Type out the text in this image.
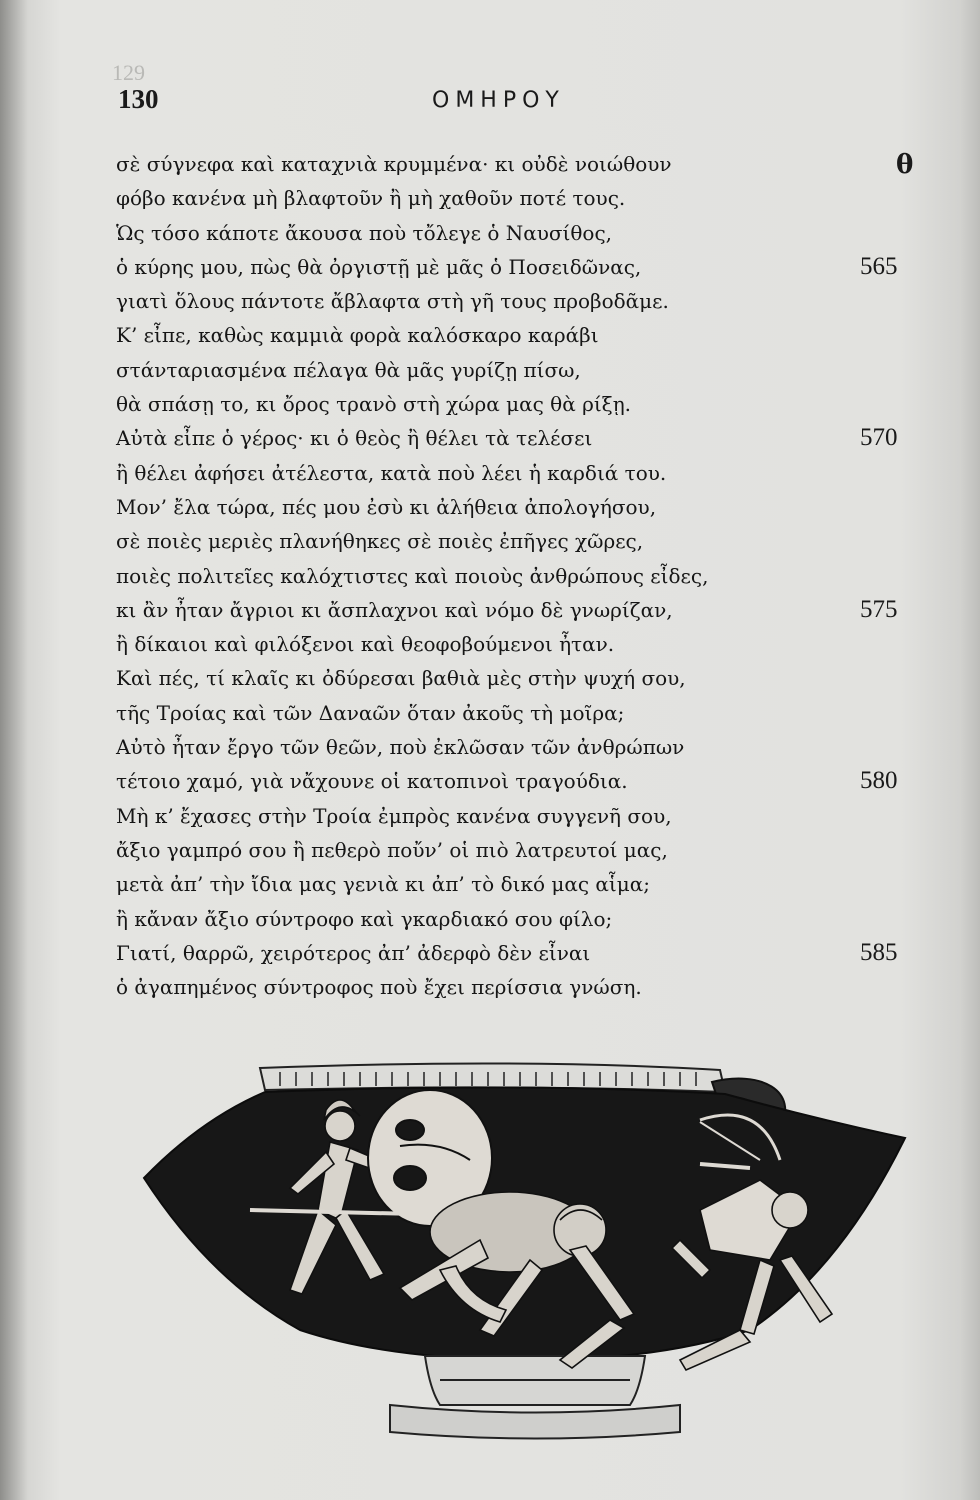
129
130	ΟΜΗΡΟΥ
θ
σὲ σύγνεφα καὶ καταχνιὰ κρυμμένα· κι οὐδὲ νοιώθουν
φόβο κανένα μὴ βλαφτοῦν ἢ μὴ χαθοῦν ποτέ τους.
Ὡς τόσο κάποτε ἄκουσα ποὺ τὄλεγε ὁ Ναυσίθος,
ὁ κύρης μου, πὼς θὰ ὀργιστῇ μὲ μᾶς ὁ Ποσειδῶνας,	565
γιατὶ ὅλους πάντοτε ἄβλαφτα στὴ γῆ τους προβοδᾶμε.
Κ’ εἶπε, καθὼς καμμιὰ φορὰ καλόσκαρο καράβι
στάνταριασμένα πέλαγα θὰ μᾶς γυρίζῃ πίσω,
θὰ σπάσῃ το, κι ὄρος τρανὸ στὴ χώρα μας θὰ ρίξῃ.
Αὐτὰ εἶπε ὁ γέρος· κι ὁ θεὸς ἢ θέλει τὰ τελέσει	570
ἢ θέλει ἀφήσει ἀτέλεστα, κατὰ ποὺ λέει ἡ καρδιά του.
Μον’ ἔλα τώρα, πές μου ἐσὺ κι ἀλήθεια ἀπολογήσου,
σὲ ποιὲς μεριὲς πλανήθηκες σὲ ποιὲς ἐπῆγες χῶρες,
ποιὲς πολιτεῖες καλόχτιστες καὶ ποιοὺς ἀνθρώπους εἶδες,
κι ἂν ἦταν ἄγριοι κι ἄσπλαχνοι καὶ νόμο δὲ γνωρίζαν,	575
ἢ δίκαιοι καὶ φιλόξενοι καὶ θεοφοβούμενοι ἦταν.
Καὶ πές, τί κλαῖς κι ὀδύρεσαι βαθιὰ μὲς στὴν ψυχή σου,
τῆς Τροίας καὶ τῶν Δαναῶν ὅταν ἀκοῦς τὴ μοῖρα;
Αὐτὸ ἦταν ἔργο τῶν θεῶν, ποὺ ἐκλῶσαν τῶν ἀνθρώπων
τέτοιο χαμό, γιὰ νἄχουνε οἱ κατοπινοὶ τραγούδια.	580
Μὴ κ’ ἔχασες στὴν Τροία ἐμπρὸς κανένα συγγενῆ σου,
ἄξιο γαμπρό σου ἢ πεθερὸ ποὔν’ οἱ πιὸ λατρευτοί μας,
μετὰ ἀπ’ τὴν ἴδια μας γενιὰ κι ἀπ’ τὸ δικό μας αἷμα;
ἢ κἄναν ἄξιο σύντροφο καὶ γκαρδιακό σου φίλο;
Γιατί, θαρρῶ, χειρότερος ἀπ’ ἀδερφὸ δὲν εἶναι	585
ὁ ἀγαπημένος σύντροφος ποὺ ἔχει περίσσια γνώση.
